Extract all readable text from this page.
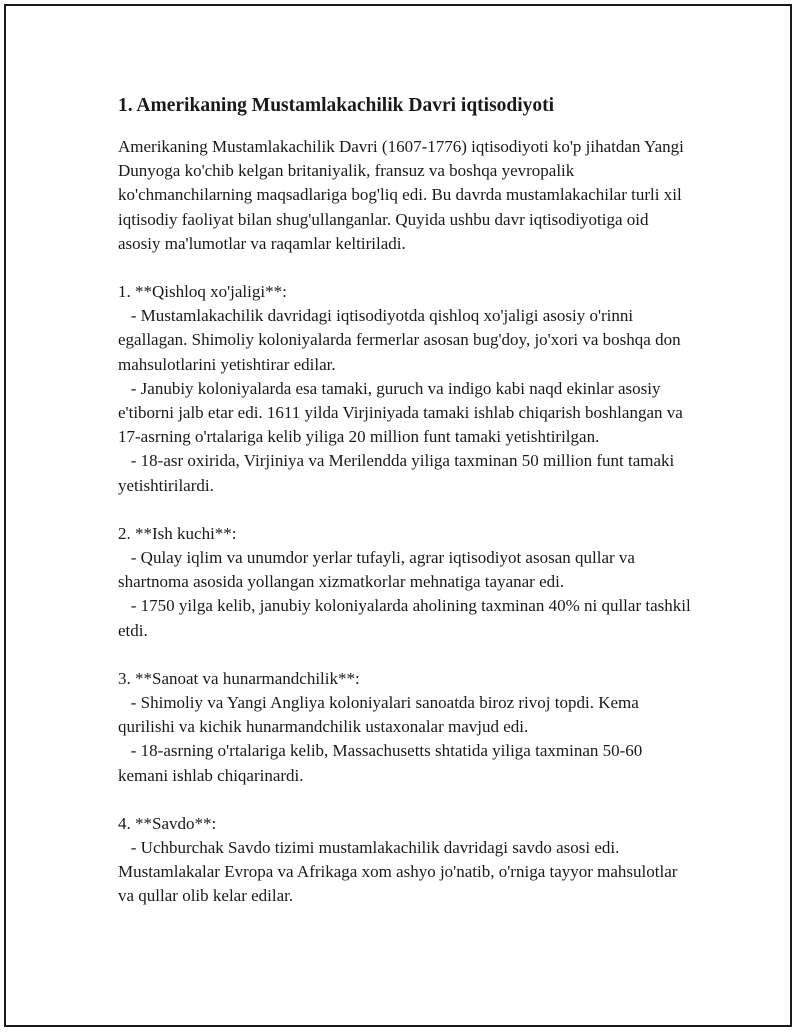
1. Amerikaning Mustamlakachilik Davri iqtisodiyoti

Amerikaning Mustamlakachilik Davri (1607-1776) iqtisodiyoti ko'p jihatdan Yangi Dunyoga ko'chib kelgan britaniyalik, fransuz va boshqa yevropalik ko'chmanchilarning maqsadlariga bog'liq edi. Bu davrda mustamlakachilar turli xil iqtisodiy faoliyat bilan shug'ullanganlar. Quyida ushbu davr iqtisodiyotiga oid asosiy ma'lumotlar va raqamlar keltiriladi.

1. **Qishloq xo'jaligi**:

- Mustamlakachilik davridagi iqtisodiyotda qishloq xo'jaligi asosiy o'rinni egallagan. Shimoliy koloniyalarda fermerlar asosan bug'doy, jo'xori va boshqa don mahsulotlarini yetishtirar edilar.

- Janubiy koloniyalarda esa tamaki, guruch va indigo kabi naqd ekinlar asosiy e'tiborni jalb etar edi. 1611 yilda Virjiniyada tamaki ishlab chiqarish boshlangan va 17-asrning o'rtalariga kelib yiliga 20 million funt tamaki yetishtirilgan.

- 18-asr oxirida, Virjiniya va Merilendda yiliga taxminan 50 million funt tamaki yetishtirilardi.

2. **Ish kuchi**:

- Qulay iqlim va unumdor yerlar tufayli, agrar iqtisodiyot asosan qullar va shartnoma asosida yollangan xizmatkorlar mehnatiga tayanar edi.

- 1750 yilga kelib, janubiy koloniyalarda aholining taxminan 40% ni qullar tashkil etdi.

3. **Sanoat va hunarmandchilik**:

- Shimoliy va Yangi Angliya koloniyalari sanoatda biroz rivoj topdi. Kema qurilishi va kichik hunarmandchilik ustaxonalar mavjud edi.

- 18-asrning o'rtalariga kelib, Massachusetts shtatida yiliga taxminan 50-60 kemani ishlab chiqarinardi.

4. **Savdo**:

- Uchburchak Savdo tizimi mustamlakachilik davridagi savdo asosi edi. Mustamlakalar Evropa va Afrikaga xom ashyo jo'natib, o'rniga tayyor mahsulotlar va qullar olib kelar edilar.
